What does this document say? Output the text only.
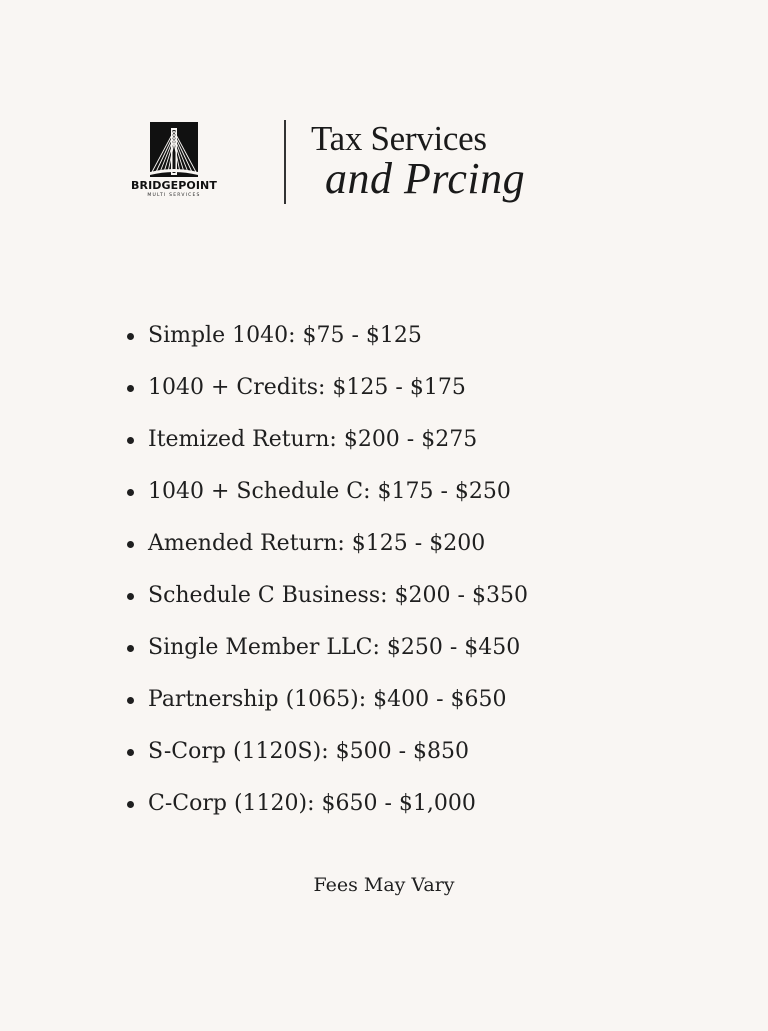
BRIDGEPOINT
MULTI SERVICES
Tax Services
and Prcing
Simple 1040: $75 - $125
1040 + Credits: $125 - $175
Itemized Return: $200 - $275
1040 + Schedule C: $175 - $250
Amended Return: $125 - $200
Schedule C Business: $200 - $350
Single Member LLC: $250 - $450
Partnership (1065): $400 - $650
S-Corp (1120S): $500 - $850
C-Corp (1120): $650 - $1,000
Fees May Vary
